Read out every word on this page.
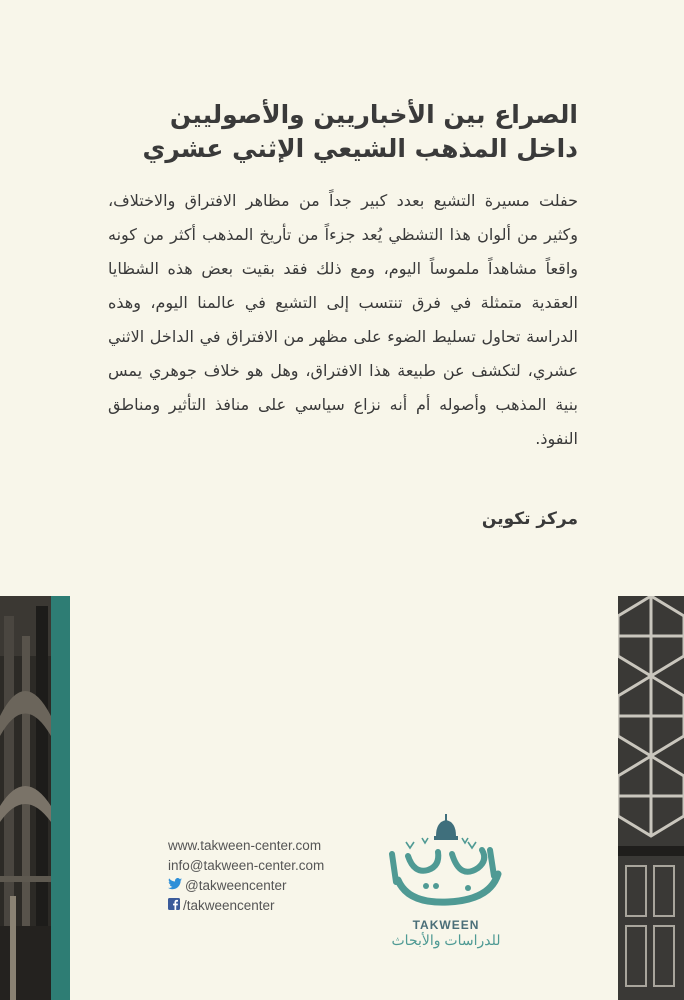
الصراع بين الأخباريين والأصوليين
داخل المذهب الشيعي الإثني عشري
حفلت مسيرة التشيع بعدد كبير جداً من مظاهر الافتراق والاختلاف، وكثير من ألوان هذا التشظي يُعد جزءاً من تأريخ المذهب أكثر من كونه واقعاً مشاهداً ملموساً اليوم، ومع ذلك فقد بقيت بعض هذه الشظايا العقدية متمثلة في فرق تنتسب إلى التشيع في عالمنا اليوم، وهذه الدراسة تحاول تسليط الضوء على مظهر من الافتراق في الداخل الاثني عشري، لتكشف عن طبيعة هذا الافتراق، وهل هو خلاف جوهري يمس بنية المذهب وأصوله أم أنه نزاع سياسي على منافذ التأثير ومناطق النفوذ.
مركز تكوين
www.takween-center.com
info@takween-center.com
@takweencenter
/takweencenter
TAKWEEN
للدراسات والأبحاث
